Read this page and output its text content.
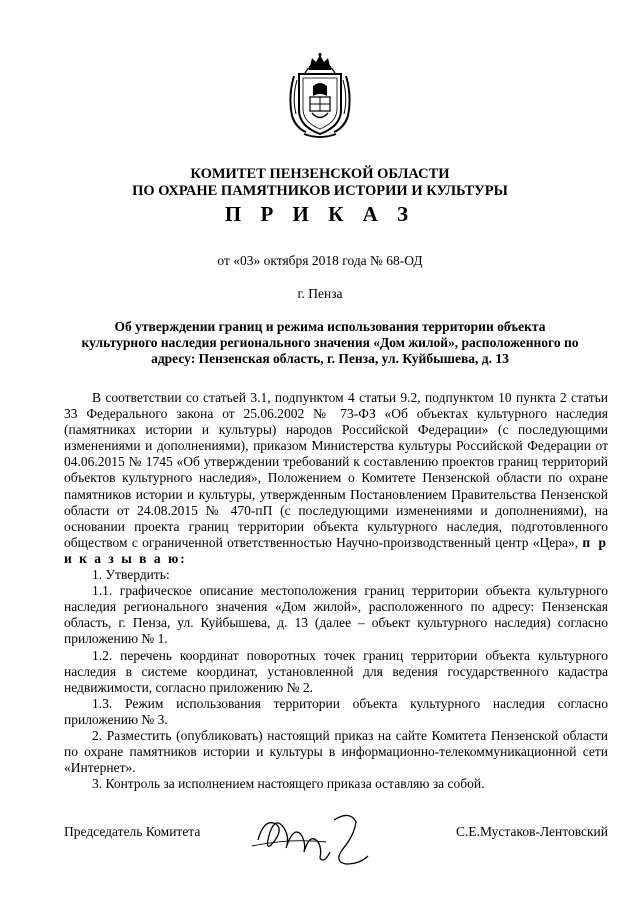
КОМИТЕТ ПЕНЗЕНСКОЙ ОБЛАСТИ
ПО ОХРАНЕ ПАМЯТНИКОВ ИСТОРИИ И КУЛЬТУРЫ
П Р И К А З
от «03» октября 2018 года № 68-ОД
г. Пенза
Об утверждении границ и режима использования территории объекта
культурного наследия регионального значения «Дом жилой», расположенного по
адресу: Пензенская область, г. Пенза, ул. Куйбышева, д. 13

В соответствии со статьей 3.1, подпунктом 4 статьи 9.2, подпунктом 10 пункта 2 статьи 33 Федерального закона от 25.06.2002 № 73-ФЗ «Об объектах культурного наследия (памятниках истории и культуры) народов Российской Федерации» (с последующими изменениями и дополнениями), приказом Министерства культуры Российской Федерации от 04.06.2015 № 1745 «Об утверждении требований к составлению проектов границ территорий объектов культурного наследия», Положением о Комитете Пензенской области по охране памятников истории и культуры, утвержденным Постановлением Правительства Пензенской области от 24.08.2015 № 470-пП (с последующими изменениями и дополнениями), на основании проекта границ территории объекта культурного наследия, подготовленного обществом с ограниченной ответственностью Научно-производственный центр «Цера», п р и к а з ы в а ю:

1. Утвердить:

1.1. графическое описание местоположения границ территории объекта культурного наследия регионального значения «Дом жилой», расположенного по адресу: Пензенская область, г. Пенза, ул. Куйбышева, д. 13 (далее – объект культурного наследия) согласно приложению № 1.

1.2. перечень координат поворотных точек границ территории объекта культурного наследия в системе координат, установленной для ведения государственного кадастра недвижимости, согласно приложению № 2.

1.3. Режим использования территории объекта культурного наследия согласно приложению № 3.

2. Разместить (опубликовать) настоящий приказ на сайте Комитета Пензенской области по охране памятников истории и культуры в информационно-телекоммуникационной сети «Интернет».

3. Контроль за исполнением настоящего приказа оставляю за собой.

Председатель Комитета	С.Е.Мустаков-Лентовский
